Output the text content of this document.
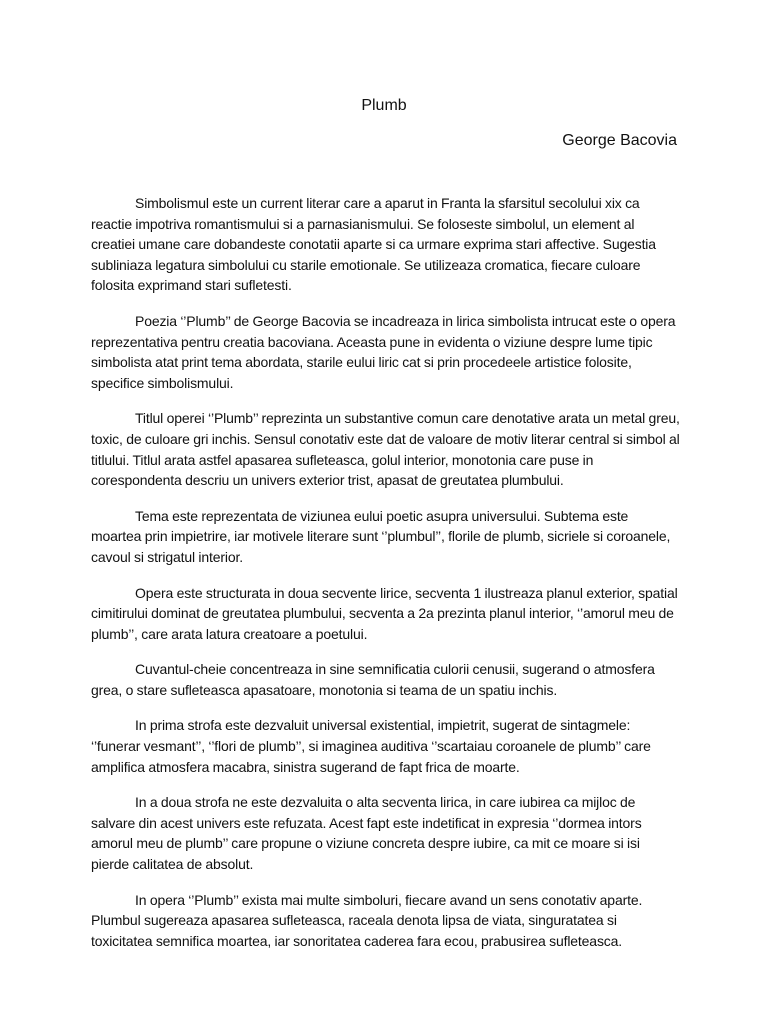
Plumb
George Bacovia

Simbolismul este un current literar care a aparut in Franta la sfarsitul secolului xix ca reactie impotriva romantismului si a parnasianismului. Se foloseste simbolul, un element al creatiei umane care dobandeste conotatii aparte si ca urmare exprima stari affective. Sugestia subliniaza legatura simbolului cu starile emotionale. Se utilizeaza cromatica, fiecare culoare folosita exprimand stari sufletesti.

Poezia ‘’Plumb’’ de George Bacovia se incadreaza in lirica simbolista intrucat este o opera reprezentativa pentru creatia bacoviana. Aceasta pune in evidenta o viziune despre lume tipic simbolista atat print tema abordata, starile eului liric cat si prin procedeele artistice folosite, specifice simbolismului.

Titlul operei ‘’Plumb’’ reprezinta un substantive comun care denotative arata un metal greu, toxic, de culoare gri inchis. Sensul conotativ este dat de valoare de motiv literar central si simbol al titlului. Titlul arata astfel apasarea sufleteasca, golul interior, monotonia care puse in corespondenta descriu un univers exterior trist, apasat de greutatea plumbului.

Tema este reprezentata de viziunea eului poetic asupra universului. Subtema este moartea prin impietrire, iar motivele literare sunt ‘’plumbul’’, florile de plumb, sicriele si coroanele, cavoul si strigatul interior.

Opera este structurata in doua secvente lirice, secventa 1 ilustreaza planul exterior, spatial cimitirului dominat de greutatea plumbului, secventa a 2a prezinta planul interior, ‘’amorul meu de plumb’’, care arata latura creatoare a poetului.

Cuvantul-cheie concentreaza in sine semnificatia culorii cenusii, sugerand o atmosfera grea, o stare sufleteasca apasatoare, monotonia si teama de un spatiu inchis.

In prima strofa este dezvaluit universal existential, impietrit, sugerat de sintagmele: ‘’funerar vesmant’’, ‘’flori de plumb’’, si imaginea auditiva ‘’scartaiau coroanele de plumb’’ care amplifica atmosfera macabra, sinistra sugerand de fapt frica de moarte.

In a doua strofa ne este dezvaluita o alta secventa lirica, in care iubirea ca mijloc de salvare din acest univers este refuzata. Acest fapt este indetificat in expresia ‘’dormea intors amorul meu de plumb’’ care propune o viziune concreta despre iubire, ca mit ce moare si isi pierde calitatea de absolut.

In opera ‘’Plumb’’ exista mai multe simboluri, fiecare avand un sens conotativ aparte. Plumbul sugereaza apasarea sufleteasca, raceala denota lipsa de viata, singuratatea si toxicitatea semnifica moartea, iar sonoritatea caderea fara ecou, prabusirea sufleteasca.
